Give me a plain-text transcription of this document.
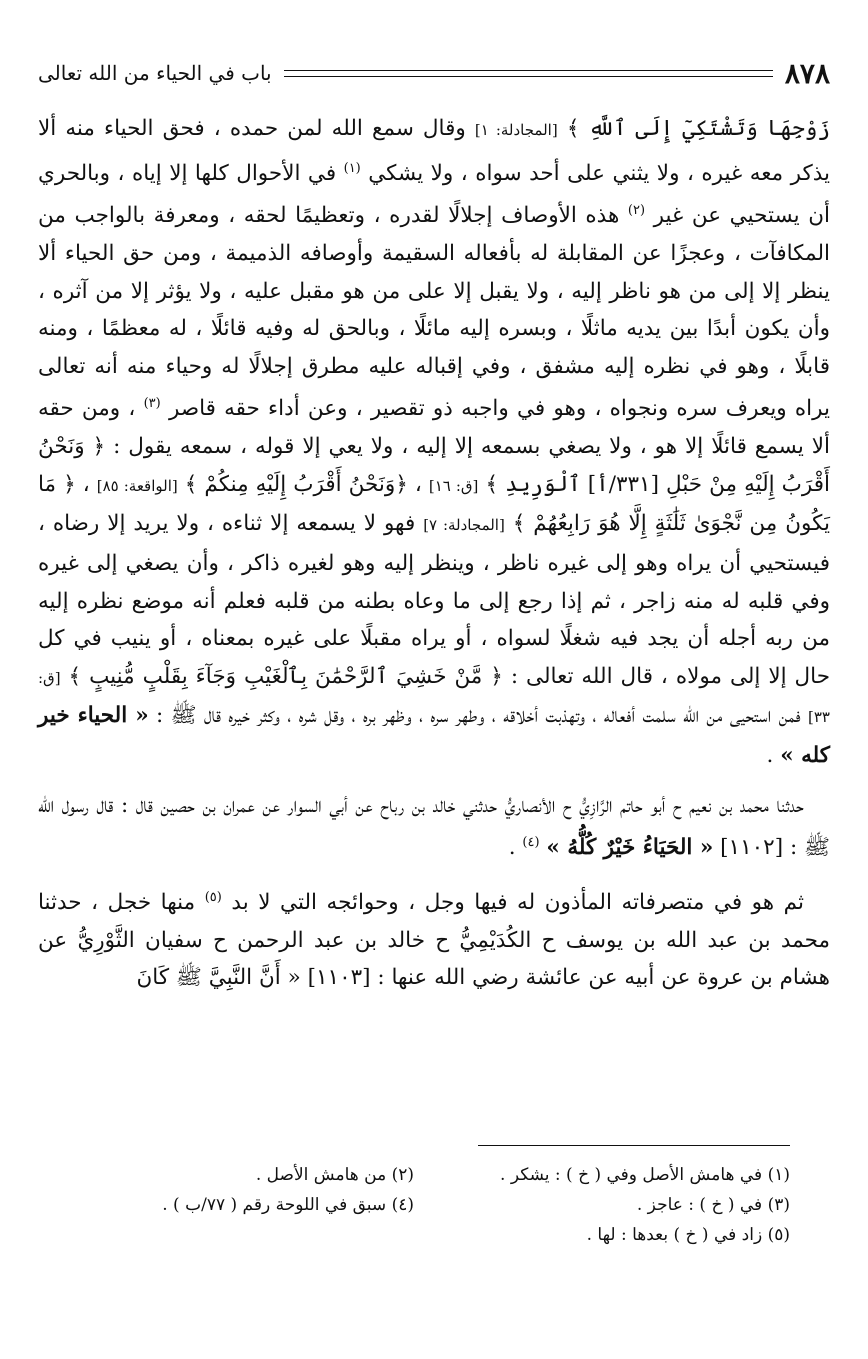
٨٧٨
باب في الحياء من الله تعالى

زَوْجِهَا وَتَشْتَكِيٓ إِلَى ٱللَّهِ ﴾ [المجادلة: ١] وقال سمع الله لمن حمده ، فحق الحياء منه ألا يذكر معه غيره ، ولا يثني على أحد سواه ، ولا يشكي $^{(١)}$ في الأحوال كلها إلا إياه ، وبالحري أن يستحيي عن غير $^{(٢)}$ هذه الأوصاف إجلالًا لقدره ، وتعظيمًا لحقه ، ومعرفة بالواجب من المكافآت ، وعجزًا عن المقابلة له بأفعاله السقيمة وأوصافه الذميمة ، ومن حق الحياء ألا ينظر إلا إلى من هو ناظر إليه ، ولا يقبل إلا على من هو مقبل عليه ، ولا يؤثر إلا من آثره ، وأن يكون أبدًا بين يديه ماثلًا ، وبسره إليه مائلًا ، وبالحق له وفيه قائلًا ، له معظمًا ، ومنه قابلًا ، وهو في نظره إليه مشفق ، وفي إقباله عليه مطرق إجلالًا له وحياء منه أنه تعالى يراه ويعرف سره ونجواه ، وهو في واجبه ذو تقصير ، وعن أداء حقه قاصر $^{(٣)}$ ، ومن حقه ألا يسمع قائلًا إلا هو ، ولا يصغي بسمعه إلا إليه ، ولا يعي إلا قوله ، سمعه يقول : ﴿ وَنَحْنُ أَقْرَبُ إِلَيْهِ مِنْ حَبْلِ [٣٣١/أ] ٱلْوَرِيدِ ﴾ [ق: ١٦] ، ﴿وَنَحْنُ أَقْرَبُ إِلَيْهِ مِنكُمْ ﴾ [الواقعة: ٨٥] ، ﴿ مَا يَكُونُ مِن نَّجْوَىٰ ثَلَٰثَةٍ إِلَّا هُوَ رَابِعُهُمْ ﴾ [المجادلة: ٧] فهو لا يسمعه إلا ثناءه ، ولا يريد إلا رضاه ، فيستحيي أن يراه وهو إلى غيره ناظر ، وينظر إليه وهو لغيره ذاكر ، وأن يصغي إلى غيره وفي قلبه له منه زاجر ، ثم إذا رجع إلى ما وعاه بطنه من قلبه فعلم أنه موضع نظره إليه من ربه أجله أن يجد فيه شغلًا لسواه ، أو يراه مقبلًا على غيره بمعناه ، أو ينيب في كل حال إلا إلى مولاه ، قال الله تعالى : ﴿ مَّنْ خَشِيَ ٱلرَّحْمَٰنَ بِٱلْغَيْبِ وَجَآءَ بِقَلْبٍ مُّنِيبٍ ﴾ [ق: ٣٣] فمن استحيى من الله سلمت أفعاله ، وتهذبت أخلاقه ، وطهر سره ، وظهر بره ، وقل شره ، وكثر خيره قال ﷺ : « الحياء خير كله » .

حدثنا محمد بن نعيم ح أبو حاتم الرَّازِيُّ ح الأنصاريُّ حدثني خالد بن رباح عن أبي السوار عن عمران بن حصين قال : قال رسول الله ﷺ : [١١٠٢] « الحَيَاءُ خَيْرٌ كُلُّهُ » $^{(٤)}$ .

ثم هو في متصرفاته المأذون له فيها وجل ، وحوائجه التي لا بد $^{(٥)}$ منها خجل ، حدثنا محمد بن عبد الله بن يوسف ح الكُدَيْمِيُّ ح خالد بن عبد الرحمن ح سفيان الثَّوْرِيُّ عن هشام بن عروة عن أبيه عن عائشة رضي الله عنها : [١١٠٣] « أَنَّ النَّبِيَّ ﷺ كَانَ

(١) في هامش الأصل وفي ( خ ) : يشكر .
(٢) من هامش الأصل .
(٣) في ( خ ) : عاجز .
(٤) سبق في اللوحة رقم ( ٧٧/ب ) .
(٥) زاد في ( خ ) بعدها : لها .
